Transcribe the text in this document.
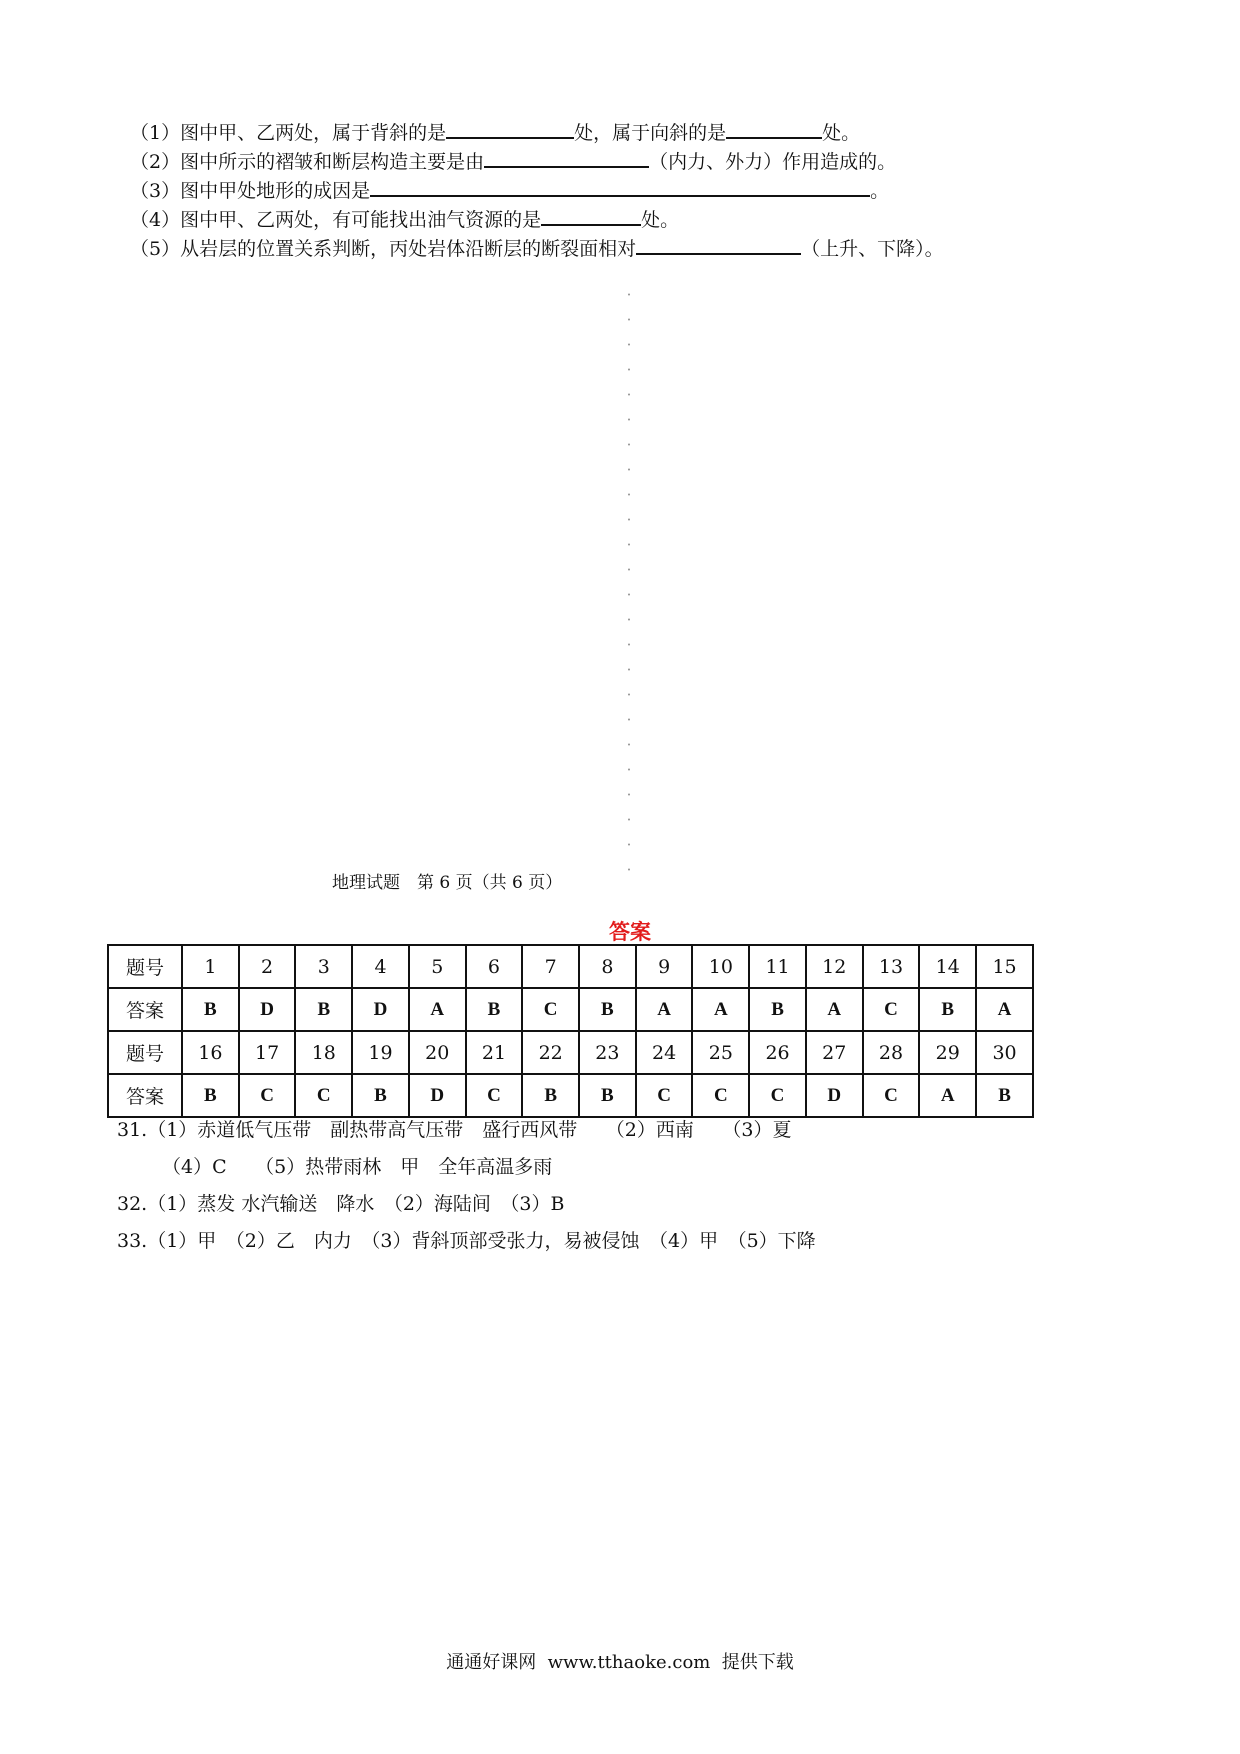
（1）图中甲、乙两处，属于背斜的是	处，属于向斜的是	处。
（2）图中所示的褶皱和断层构造主要是由	（内力、外力）作用造成的。
（3）图中甲处地形的成因是	。
（4）图中甲、乙两处，有可能找出油气资源的是	处。
（5）从岩层的位置关系判断，丙处岩体沿断层的断裂面相对	（上升、下降）。
地理试题　第 6 页（共 6 页）
答案
题号	1	2	3	4	5	6	7	8	9	10	11	12	13	14	15
答案	B	D	B	D	A	B	C	B	A	A	B	A	C	B	A
题号	16	17	18	19	20	21	22	23	24	25	26	27	28	29	30
答案	B	C	C	B	D	C	B	B	C	C	C	D	C	A	B
31.（1）赤道低气压带　副热带高气压带　盛行西风带　　（2）西南　　（3）夏
（4）C　　（5）热带雨林　甲　全年高温多雨
32.（1）蒸发 水汽输送　降水　（2）海陆间　（3）B
33.（1）甲　（2）乙　内力　（3）背斜顶部受张力，易被侵蚀　（4）甲　（5）下降
通通好课网  www.tthaoke.com  提供下载
